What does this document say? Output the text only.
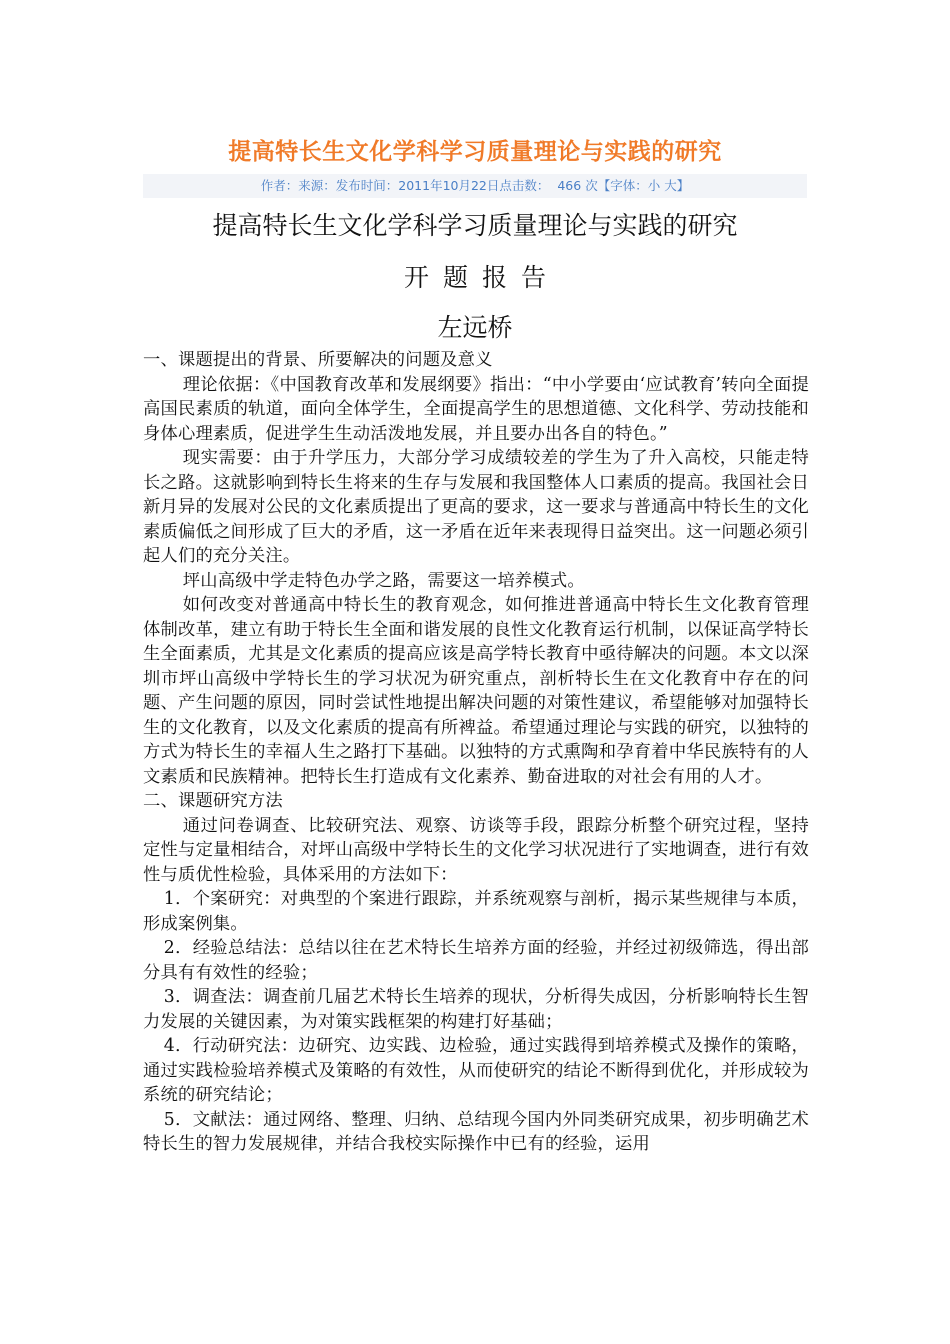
提高特长生文化学科学习质量理论与实践的研究
作者：来源：发布时间：2011年10月22日点击数： 466 次【字体：小 大】
提高特长生文化学科学习质量理论与实践的研究
开题报告
左远桥

一、课题提出的背景、所要解决的问题及意义

理论依据：《中国教育改革和发展纲要》指出：“中小学要由‘应试教育’转向全面提高国民素质的轨道，面向全体学生，全面提高学生的思想道德、文化科学、劳动技能和身体心理素质，促进学生生动活泼地发展，并且要办出各自的特色。”

现实需要：由于升学压力，大部分学习成绩较差的学生为了升入高校，只能走特长之路。这就影响到特长生将来的生存与发展和我国整体人口素质的提高。我国社会日新月异的发展对公民的文化素质提出了更高的要求，这一要求与普通高中特长生的文化素质偏低之间形成了巨大的矛盾，这一矛盾在近年来表现得日益突出。这一问题必须引起人们的充分关注。

坪山高级中学走特色办学之路，需要这一培养模式。

如何改变对普通高中特长生的教育观念，如何推进普通高中特长生文化教育管理体制改革，建立有助于特长生全面和谐发展的良性文化教育运行机制，以保证高学特长生全面素质，尤其是文化素质的提高应该是高学特长教育中亟待解决的问题。本文以深圳市坪山高级中学特长生的学习状况为研究重点，剖析特长生在文化教育中存在的问题、产生问题的原因，同时尝试性地提出解决问题的对策性建议，希望能够对加强特长生的文化教育，以及文化素质的提高有所裨益。希望通过理论与实践的研究，以独特的方式为特长生的幸福人生之路打下基础。以独特的方式熏陶和孕育着中华民族特有的人文素质和民族精神。把特长生打造成有文化素养、勤奋进取的对社会有用的人才。

二、课题研究方法

通过问卷调查、比较研究法、观察、访谈等手段，跟踪分析整个研究过程，坚持定性与定量相结合，对坪山高级中学特长生的文化学习状况进行了实地调查，进行有效性与质优性检验，具体采用的方法如下：

1．个案研究：对典型的个案进行跟踪，并系统观察与剖析，揭示某些规律与本质，形成案例集。

2．经验总结法：总结以往在艺术特长生培养方面的经验，并经过初级筛选，得出部分具有有效性的经验；

3．调查法：调查前几届艺术特长生培养的现状，分析得失成因，分析影响特长生智力发展的关键因素，为对策实践框架的构建打好基础；

4．行动研究法：边研究、边实践、边检验，通过实践得到培养模式及操作的策略，通过实践检验培养模式及策略的有效性，从而使研究的结论不断得到优化，并形成较为系统的研究结论；

5．文献法：通过网络、整理、归纳、总结现今国内外同类研究成果，初步明确艺术特长生的智力发展规律，并结合我校实际操作中已有的经验，运用
